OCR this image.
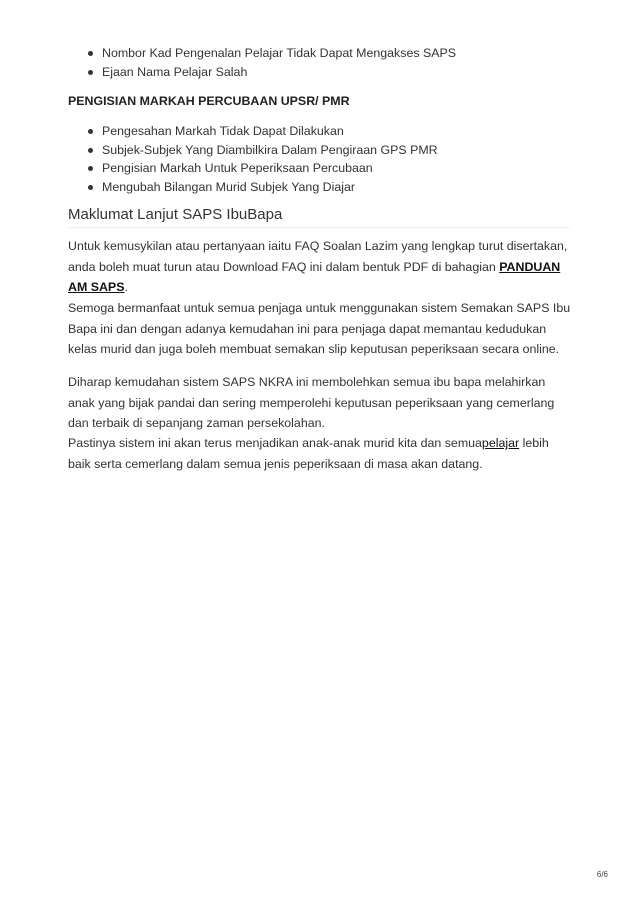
Nombor Kad Pengenalan Pelajar Tidak Dapat Mengakses SAPS
Ejaan Nama Pelajar Salah
PENGISIAN MARKAH PERCUBAAN UPSR/ PMR
Pengesahan Markah Tidak Dapat Dilakukan
Subjek-Subjek Yang Diambilkira Dalam Pengiraan GPS PMR
Pengisian Markah Untuk Peperiksaan Percubaan
Mengubah Bilangan Murid Subjek Yang Diajar
Maklumat Lanjut SAPS IbuBapa
Untuk kemusykilan atau pertanyaan iaitu FAQ Soalan Lazim yang lengkap turut disertakan,
anda boleh muat turun atau Download FAQ ini dalam bentuk PDF di bahagian PANDUAN
AM SAPS.
Semoga bermanfaat untuk semua penjaga untuk menggunakan sistem Semakan SAPS Ibu
Bapa ini dan dengan adanya kemudahan ini para penjaga dapat memantau kedudukan
kelas murid dan juga boleh membuat semakan slip keputusan peperiksaan secara online.
Diharap kemudahan sistem SAPS NKRA ini membolehkan semua ibu bapa melahirkan
anak yang bijak pandai dan sering memperolehi keputusan peperiksaan yang cemerlang
dan terbaik di sepanjang zaman persekolahan.
Pastinya sistem ini akan terus menjadikan anak-anak murid kita dan semuapelajar lebih
baik serta cemerlang dalam semua jenis peperiksaan di masa akan datang.
6/6
